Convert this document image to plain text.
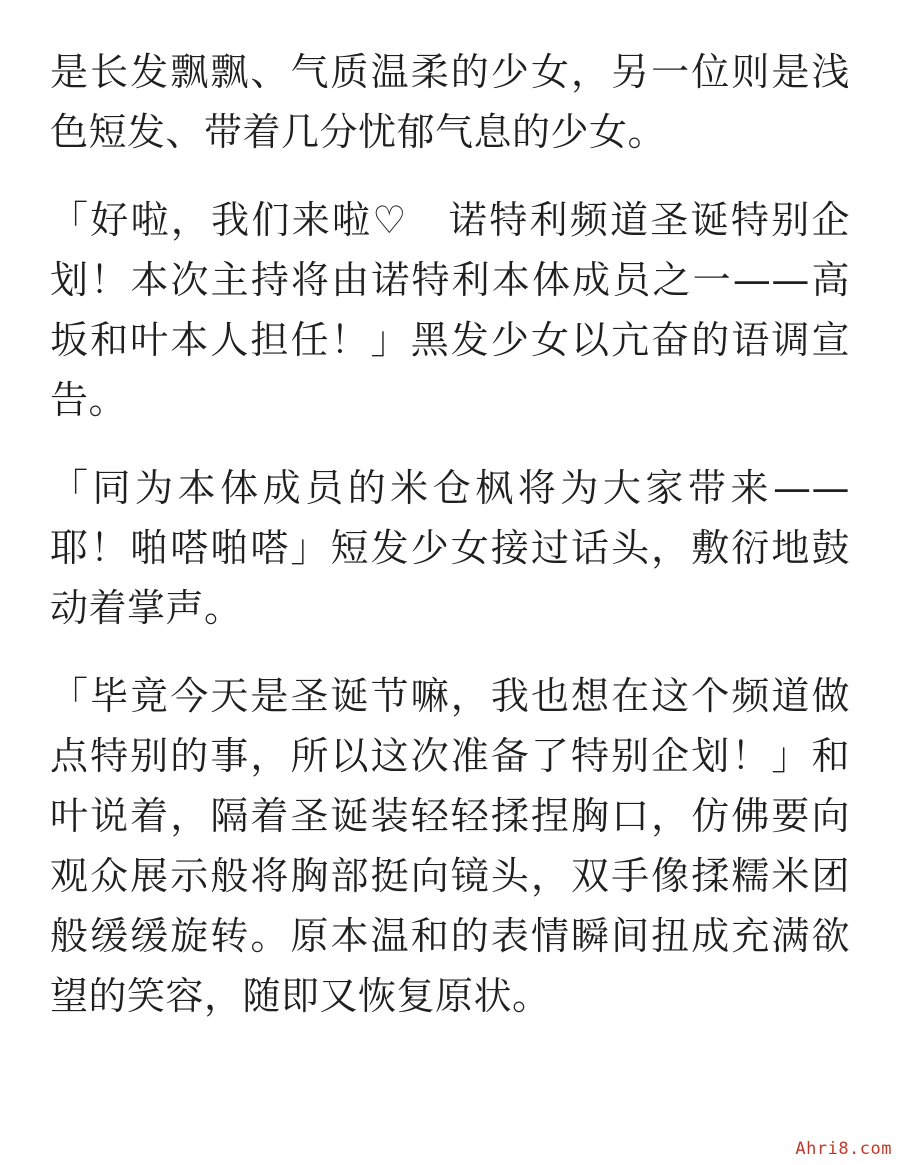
是长发飘飘、气质温柔的少女，另一位则是浅色短发、带着几分忧郁气息的少女。

「好啦，我们来啦♡　诺特利频道圣诞特别企划！本次主持将由诺特利本体成员之一——高坂和叶本人担任！」黑发少女以亢奋的语调宣告。

「同为本体成员的米仓枫将为大家带来——耶！啪嗒啪嗒」短发少女接过话头，敷衍地鼓动着掌声。

「毕竟今天是圣诞节嘛，我也想在这个频道做点特别的事，所以这次准备了特别企划！」和叶说着，隔着圣诞装轻轻揉捏胸口，仿佛要向观众展示般将胸部挺向镜头，双手像揉糯米团般缓缓旋转。原本温和的表情瞬间扭成充满欲望的笑容，随即又恢复原状。

Ahri8.com
